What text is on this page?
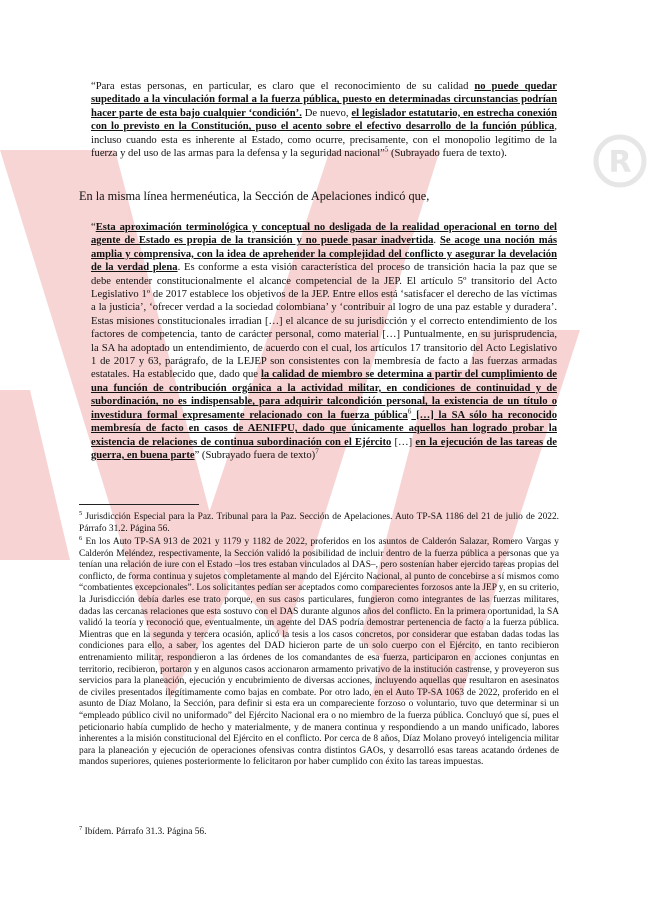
R
“Para estas personas, en particular, es claro que el reconocimiento de su calidad no puede quedar supeditado a la vinculación formal a la fuerza pública, puesto en determinadas circunstancias podrían hacer parte de esta bajo cualquier ‘condición’. De nuevo, el legislador estatutario, en estrecha conexión con lo previsto en la Constitución, puso el acento sobre el efectivo desarrollo de la función pública, incluso cuando esta es inherente al Estado, como ocurre, precisamente, con el monopolio legítimo de la fuerza y del uso de las armas para la defensa y la seguridad nacional”$^5$ (Subrayado fuera de texto).
En la misma línea hermenéutica, la Sección de Apelaciones indicó que,
“Esta aproximación terminológica y conceptual no desligada de la realidad operacional en torno del agente de Estado es propia de la transición y no puede pasar inadvertida. Se acoge una noción más amplia y comprensiva, con la idea de aprehender la complejidad del conflicto y asegurar la develación de la verdad plena. Es conforme a esta visión característica del proceso de transición hacia la paz que se debe entender constitucionalmente el alcance competencial de la JEP. El artículo 5º transitorio del Acto Legislativo 1º de 2017 establece los objetivos de la JEP. Entre ellos está ‘satisfacer el derecho de las víctimas a la justicia’, ‘ofrecer verdad a la sociedad colombiana’ y ‘contribuir al logro de una paz estable y duradera’. Estas misiones constitucionales irradian […] el alcance de su jurisdicción y el correcto entendimiento de los factores de competencia, tanto de carácter personal, como material […] Puntualmente, en su jurisprudencia, la SA ha adoptado un entendimiento, de acuerdo con el cual, los artículos 17 transitorio del Acto Legislativo 1 de 2017 y 63, parágrafo, de la LEJEP son consistentes con la membresía de facto a las fuerzas armadas estatales. Ha establecido que, dado que la calidad de miembro se determina a partir del cumplimiento de una función de contribución orgánica a la actividad militar, en condiciones de continuidad y de subordinación, no es indispensable, para adquirir talcondición personal, la existencia de un título o investidura formal expresamente relacionado con la fuerza pública$^6$ […] la SA sólo ha reconocido membresía de facto en casos de AENIFPU, dado que únicamente aquellos han logrado probar la existencia de relaciones de continua subordinación con el Ejército […] en la ejecución de las tareas de guerra, en buena parte” (Subrayado fuera de texto)$^7$
$^5$ Jurisdicción Especial para la Paz. Tribunal para la Paz. Sección de Apelaciones. Auto TP-SA 1186 del 21 de julio de 2022. Párrafo 31.2. Página 56.
$^6$ En los Auto TP-SA 913 de 2021 y 1179 y 1182 de 2022, proferidos en los asuntos de Calderón Salazar, Romero Vargas y Calderón Meléndez, respectivamente, la Sección validó la posibilidad de incluir dentro de la fuerza pública a personas que ya tenían una relación de iure con el Estado –los tres estaban vinculados al DAS–, pero sostenían haber ejercido tareas propias del conflicto, de forma continua y sujetos completamente al mando del Ejército Nacional, al punto de concebirse a sí mismos como “combatientes excepcionales”. Los solicitantes pedían ser aceptados como comparecientes forzosos ante la JEP y, en su criterio, la Jurisdicción debía darles ese trato porque, en sus casos particulares, fungieron como integrantes de las fuerzas militares, dadas las cercanas relaciones que esta sostuvo con el DAS durante algunos años del conflicto. En la primera oportunidad, la SA validó la teoría y reconoció que, eventualmente, un agente del DAS podría demostrar pertenencia de facto a la fuerza pública. Mientras que en la segunda y tercera ocasión, aplicó la tesis a los casos concretos, por considerar que estaban dadas todas las condiciones para ello, a saber, los agentes del DAD hicieron parte de un solo cuerpo con el Ejército, en tanto recibieron entrenamiento militar, respondieron a las órdenes de los comandantes de esa fuerza, participaron en acciones conjuntas en territorio, recibieron, portaron y en algunos casos accionaron armamento privativo de la institución castrense, y proveyeron sus servicios para la planeación, ejecución y encubrimiento de diversas acciones, incluyendo aquellas que resultaron en asesinatos de civiles presentados ilegítimamente como bajas en combate. Por otro lado, en el Auto TP-SA 1063 de 2022, proferido en el asunto de Díaz Molano, la Sección, para definir si esta era un compareciente forzoso o voluntario, tuvo que determinar si un “empleado público civil no uniformado” del Ejército Nacional era o no miembro de la fuerza pública. Concluyó que sí, pues el peticionario había cumplido de hecho y materialmente, y de manera continua y respondiendo a un mando unificado, labores inherentes a la misión constitucional del Ejército en el conflicto. Por cerca de 8 años, Díaz Molano proveyó inteligencia militar para la planeación y ejecución de operaciones ofensivas contra distintos GAOs, y desarrolló esas tareas acatando órdenes de mandos superiores, quienes posteriormente lo felicitaron por haber cumplido con éxito las tareas impuestas.
$^7$ Ibídem. Párrafo 31.3. Página 56.
